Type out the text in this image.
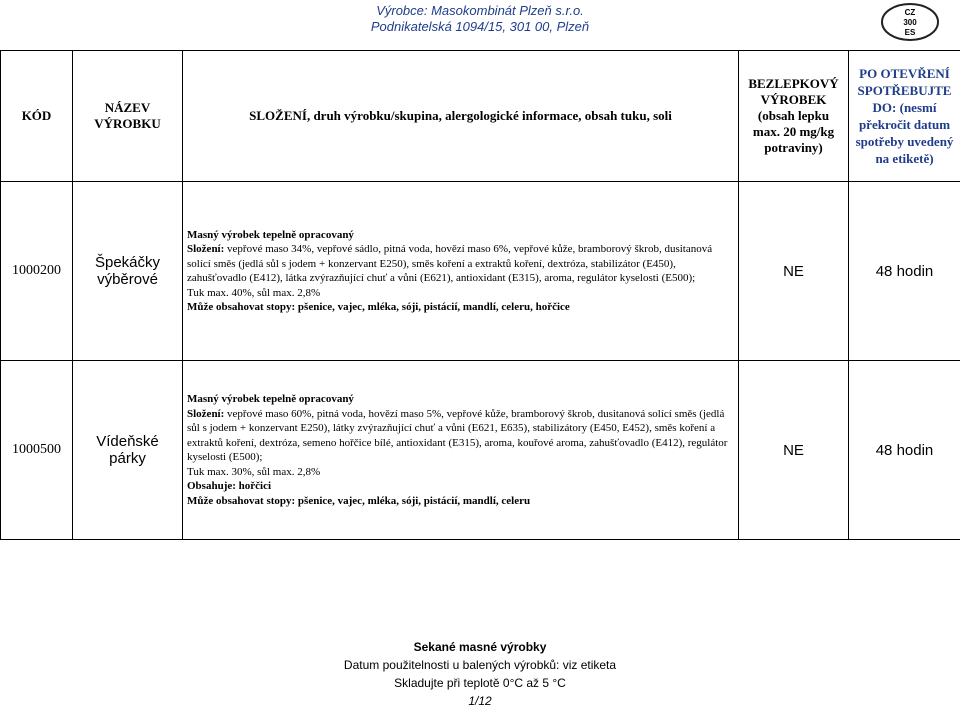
Výrobce: Masokombinát Plzeň s.r.o.
Podnikatelská 1094/15, 301 00, Plzeň
CZ
300
ES
KÓD	NÁZEV VÝROBKU	SLOŽENÍ, druh výrobku/skupina, alergologické informace, obsah tuku, soli	BEZLEPKOVÝ VÝROBEK (obsah lepku max. 20 mg/kg potraviny)	PO OTEVŘENÍ SPOTŘEBUJTE DO: (nesmí překročit datum spotřeby uvedený na etiketě)
1000200	Špekáčky výběrové	Masný výrobek tepelně opracovaný
Složení: vepřové maso 34%, vepřové sádlo, pitná voda, hovězí maso 6%, vepřové kůže, bramborový škrob, dusitanová solící směs (jedlá sůl s jodem + konzervant E250), směs koření a extraktů koření, dextróza, stabilizátor (E450), zahušťovadlo (E412), látka zvýrazňující chuť a vůni (E621), antioxidant (E315), aroma, regulátor kyselosti (E500);
Tuk max. 40%, sůl max. 2,8%
Může obsahovat stopy: pšenice, vajec, mléka, sóji, pistácií, mandlí, celeru, hořčice	NE	48 hodin
1000500	Vídeňské párky	Masný výrobek tepelně opracovaný
Složení: vepřové maso 60%, pitná voda, hovězí maso 5%, vepřové kůže, bramborový škrob, dusitanová solící směs (jedlá sůl s jodem + konzervant E250), látky zvýrazňující chuť a vůni (E621, E635), stabilizátory (E450, E452), směs koření a extraktů koření, dextróza, semeno hořčice bílé, antioxidant (E315), aroma, kouřové aroma, zahušťovadlo (E412), regulátor kyselosti (E500);
Tuk max. 30%, sůl max. 2,8%
Obsahuje: hořčici
Může obsahovat stopy: pšenice, vajec, mléka, sóji, pistácií, mandlí, celeru	NE	48 hodin
Sekané masné výrobky
Datum použitelnosti u balených výrobků: viz etiketa
Skladujte při teplotě 0°C až 5 °C
1/12
